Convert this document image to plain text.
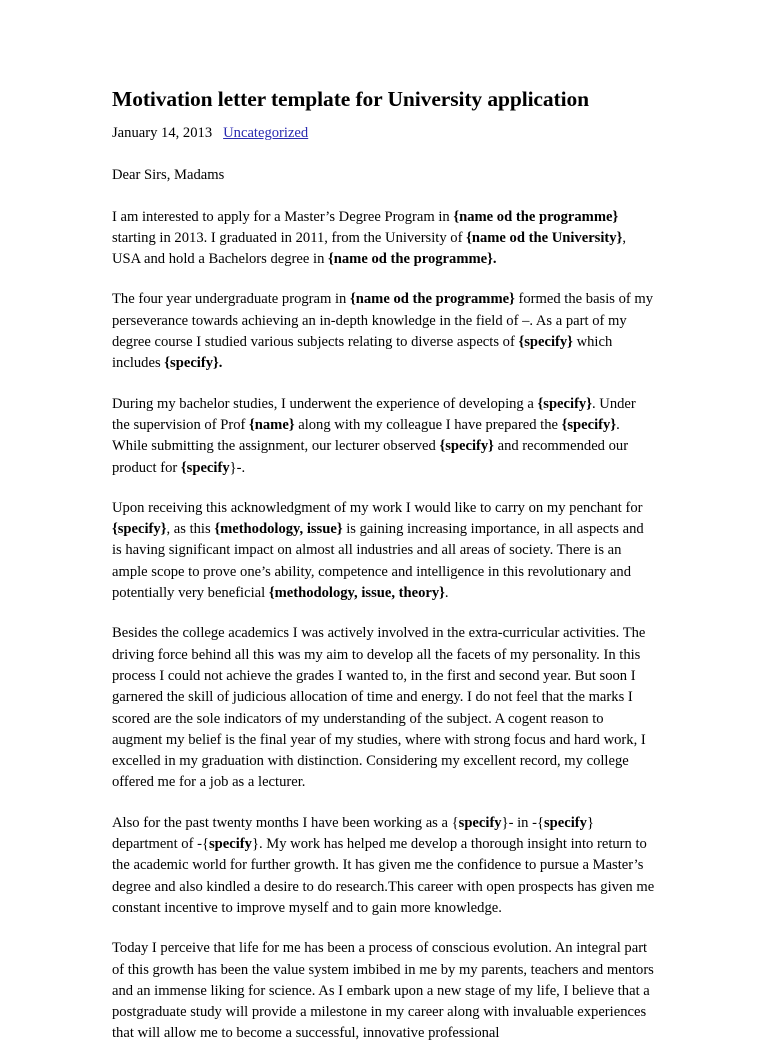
Motivation letter template for University application
January 14, 2013 Uncategorized

Dear Sirs, Madams

I am interested to apply for a Master’s Degree Program in {name od the programme} starting in 2013. I graduated in 2011, from the University of {name od the University}, USA and hold a Bachelors degree in {name od the programme}.

The four year undergraduate program in {name od the programme} formed the basis of my perseverance towards achieving an in-depth knowledge in the field of –. As a part of my degree course I studied various subjects relating to diverse aspects of {specify} which includes {specify}.

During my bachelor studies, I underwent the experience of developing a {specify}. Under the supervision of Prof {name} along with my colleague I have prepared the {specify}. While submitting the assignment, our lecturer observed {specify} and recommended our product for {specify}-.

Upon receiving this acknowledgment of my work I would like to carry on my penchant for {specify}, as this {methodology, issue} is gaining increasing importance, in all aspects and is having significant impact on almost all industries and all areas of society. There is an ample scope to prove one’s ability, competence and intelligence in this revolutionary and potentially very beneficial {methodology, issue, theory}.

Besides the college academics I was actively involved in the extra-curricular activities. The driving force behind all this was my aim to develop all the facets of my personality. In this process I could not achieve the grades I wanted to, in the first and second year. But soon I garnered the skill of judicious allocation of time and energy. I do not feel that the marks I scored are the sole indicators of my understanding of the subject. A cogent reason to augment my belief is the final year of my studies, where with strong focus and hard work, I excelled in my graduation with distinction. Considering my excellent record, my college offered me for a job as a lecturer.

Also for the past twenty months I have been working as a {specify}- in -{specify} department of -{specify}. My work has helped me develop a thorough insight into return to the academic world for further growth. It has given me the confidence to pursue a Master’s degree and also kindled a desire to do research.This career with open prospects has given me constant incentive to improve myself and to gain more knowledge.

Today I perceive that life for me has been a process of conscious evolution. An integral part of this growth has been the value system imbibed in me by my parents, teachers and mentors and an immense liking for science. As I embark upon a new stage of my life, I believe that a postgraduate study will provide a milestone in my career along with invaluable experiences that will allow me to become a successful, innovative professional
